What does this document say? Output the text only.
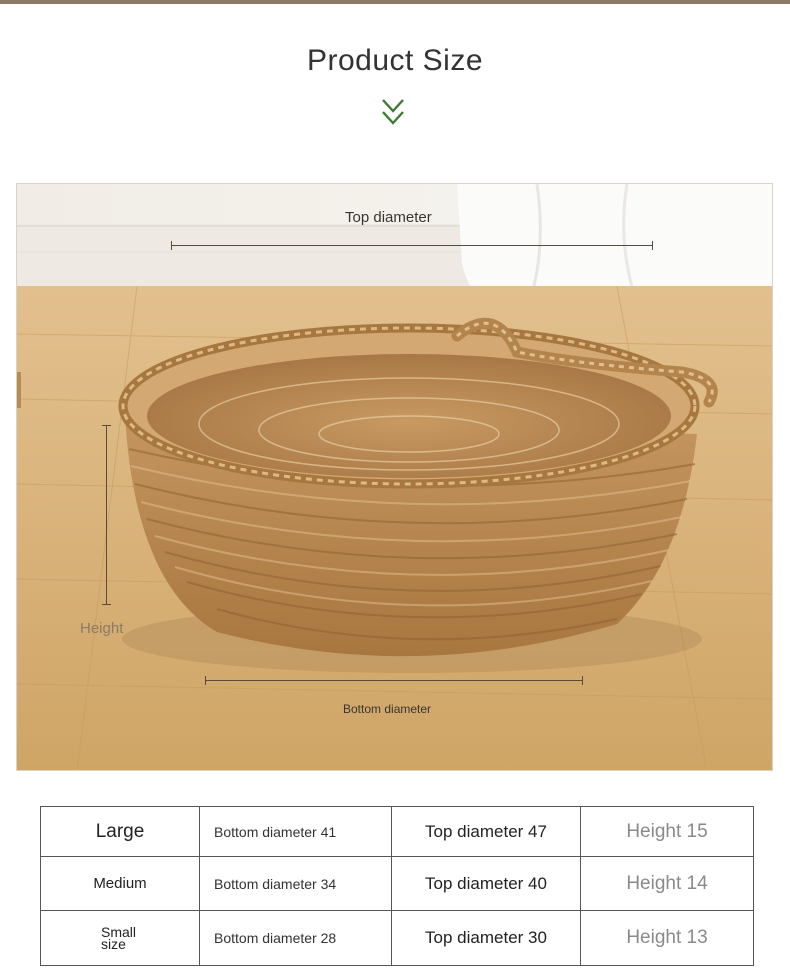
Product Size
Top diameter
Height
Bottom diameter
Large	Bottom diameter 41	Top diameter 47	Height 15
Medium	Bottom diameter 34	Top diameter 40	Height 14

Small
size	Bottom diameter 28	Top diameter 30	Height 13
